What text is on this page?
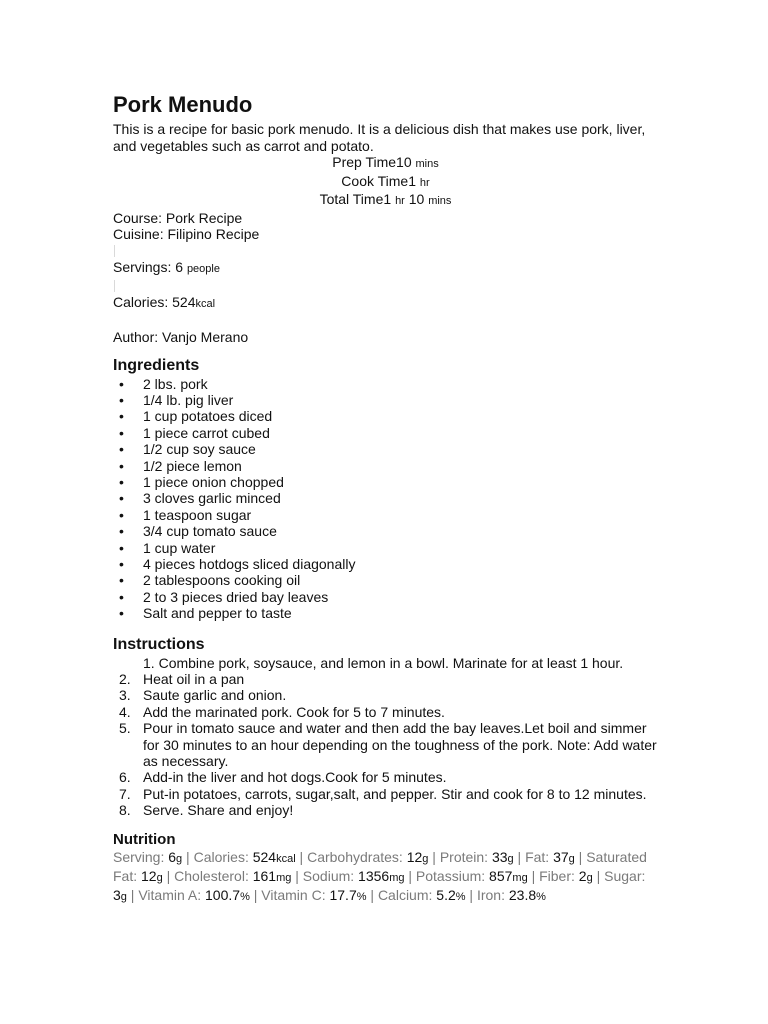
Pork Menudo

This is a recipe for basic pork menudo. It is a delicious dish that makes use pork, liver, and vegetables such as carrot and potato.

Prep Time10 mins
Cook Time1 hr
Total Time1 hr 10 mins
Course: Pork Recipe
Cuisine: Filipino Recipe
Servings: 6 people
Calories: 524kcal
Author: Vanjo Merano
Ingredients
• 2 lbs. pork
• 1/4 lb. pig liver
• 1 cup potatoes diced
• 1 piece carrot cubed
• 1/2 cup soy sauce
• 1/2 piece lemon
• 1 piece onion chopped
• 3 cloves garlic minced
• 1 teaspoon sugar
• 3/4 cup tomato sauce
• 1 cup water
• 4 pieces hotdogs sliced diagonally
• 2 tablespoons cooking oil
• 2 to 3 pieces dried bay leaves
• Salt and pepper to taste
Instructions
1. Combine pork, soysauce, and lemon in a bowl. Marinate for at least 1 hour.
2. Heat oil in a pan
3. Saute garlic and onion.
4. Add the marinated pork. Cook for 5 to 7 minutes.
5. Pour in tomato sauce and water and then add the bay leaves.Let boil and simmer for 30 minutes to an hour depending on the toughness of the pork. Note: Add water as necessary.
6. Add-in the liver and hot dogs.Cook for 5 minutes.
7. Put-in potatoes, carrots, sugar,salt, and pepper. Stir and cook for 8 to 12 minutes.
8. Serve. Share and enjoy!
Nutrition

Serving: 6g | Calories: 524kcal | Carbohydrates: 12g | Protein: 33g | Fat: 37g | Saturated Fat: 12g | Cholesterol: 161mg | Sodium: 1356mg | Potassium: 857mg | Fiber: 2g | Sugar: 3g | Vitamin A: 100.7% | Vitamin C: 17.7% | Calcium: 5.2% | Iron: 23.8%
